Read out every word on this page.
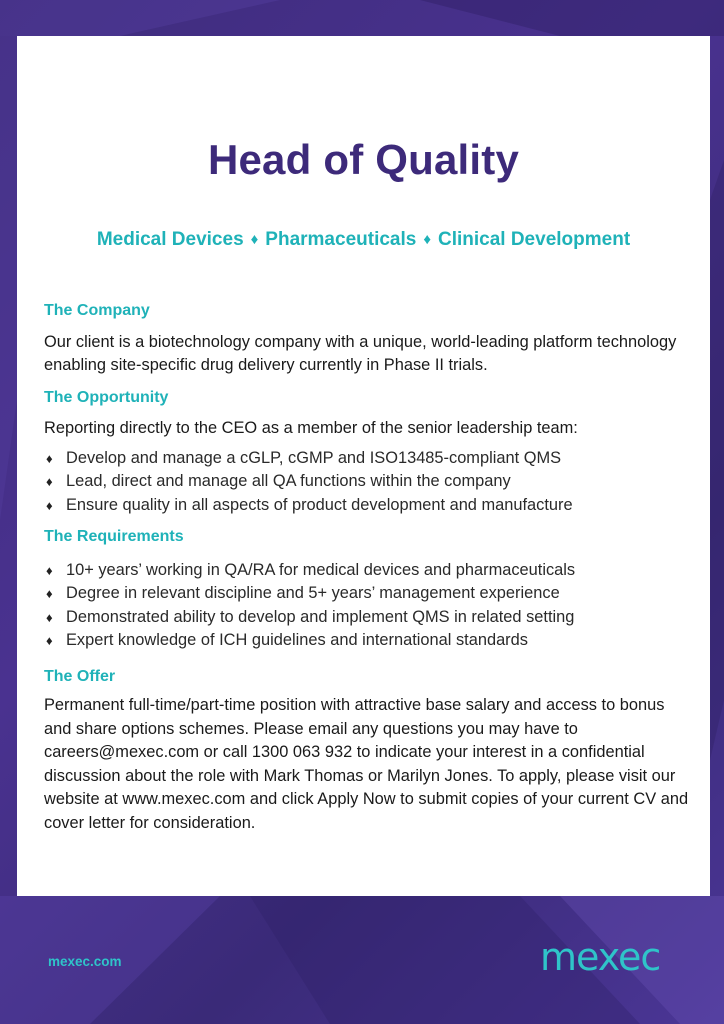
Head of Quality
Medical Devices ♦ Pharmaceuticals ♦ Clinical Development

The Company

Our client is a biotechnology company with a unique, world-leading platform technology enabling site-specific drug delivery currently in Phase II trials.

The Opportunity

Reporting directly to the CEO as a member of the senior leadership team:

♦ Develop and manage a cGLP, cGMP and ISO13485-compliant QMS
♦ Lead, direct and manage all QA functions within the company
♦ Ensure quality in all aspects of product development and manufacture

The Requirements

♦ 10+ years’ working in QA/RA for medical devices and pharmaceuticals
♦ Degree in relevant discipline and 5+ years’ management experience
♦ Demonstrated ability to develop and implement QMS in related setting
♦ Expert knowledge of ICH guidelines and international standards

The Offer

Permanent full-time/part-time position with attractive base salary and access to bonus and share options schemes. Please email any questions you may have to careers@mexec.com or call 1300 063 932 to indicate your interest in a confidential discussion about the role with Mark Thomas or Marilyn Jones. To apply, please visit our website at www.mexec.com and click Apply Now to submit copies of your current CV and cover letter for consideration.

mexec.com	mexec
